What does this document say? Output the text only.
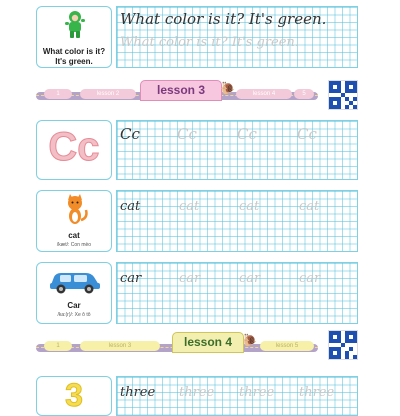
What color is it?
It's green.
What color is it? It's green.
What color is it? It's green.
1	lesson 2	lesson 3	🐌	lesson 4	5
Cc	Cc Cc	Cc	Cc
cat
/kæt/: Con mèo
cat	cat	cat	cat
Car
/ka:(r)/: Xe ô tô
car	car	car	car
1	lesson 3	lesson 4 🐌	lesson 5
3	three three three three
